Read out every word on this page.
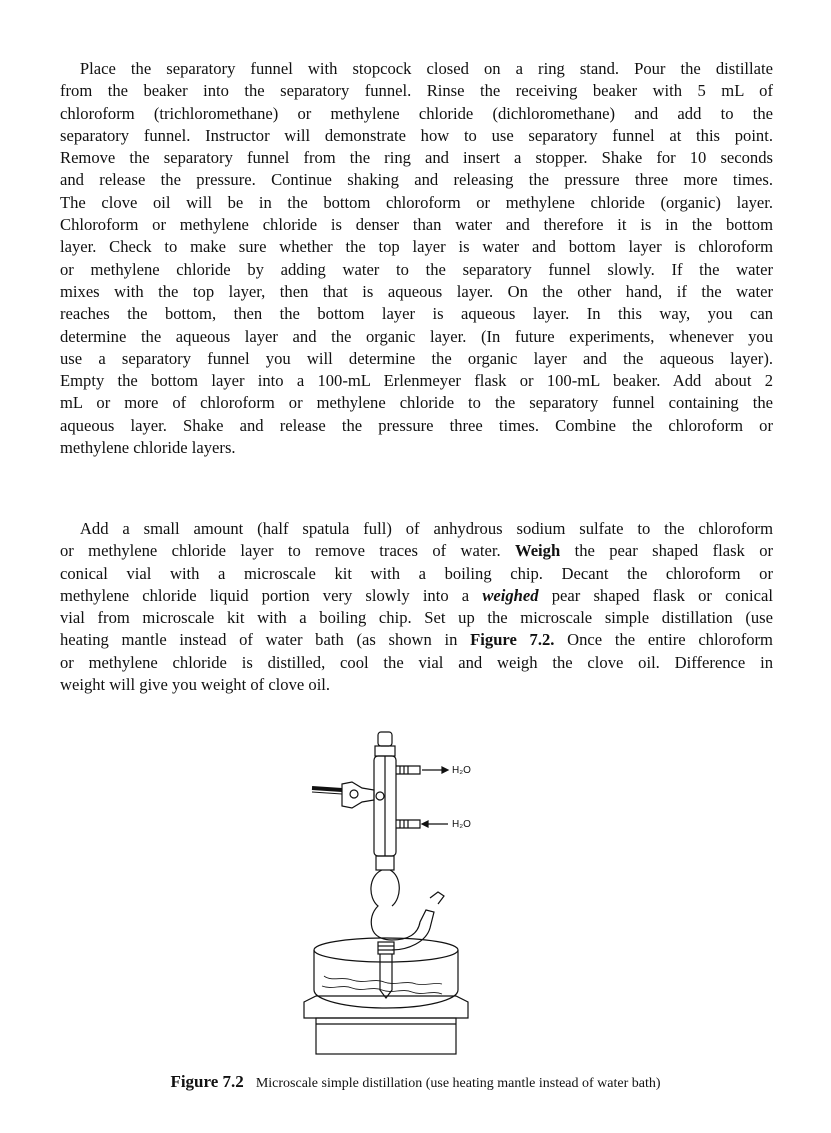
  Place the separatory funnel with stopcock closed on a ring stand. Pour the distillate
from the beaker into the separatory funnel. Rinse the receiving beaker with 5 mL of
chloroform (trichloromethane) or methylene chloride (dichloromethane) and add to the
separatory funnel. Instructor will demonstrate how to use separatory funnel at this point.
Remove the separatory funnel from the ring and insert a stopper. Shake for 10 seconds
and release the pressure. Continue shaking and releasing the pressure three more times.
The clove oil will be in the bottom chloroform or methylene chloride (organic) layer.
Chloroform or methylene chloride is denser than water and therefore it is in the bottom
layer. Check to make sure whether the top layer is water and bottom layer is chloroform
or methylene chloride by adding water to the separatory funnel slowly. If the water
mixes with the top layer, then that is aqueous layer. On the other hand, if the water
reaches the bottom, then the bottom layer is aqueous layer. In this way, you can
determine the aqueous layer and the organic layer. (In future experiments, whenever you
use a separatory funnel you will determine the organic layer and the aqueous layer).
Empty the bottom layer into a 100-mL Erlenmeyer flask or 100-mL beaker. Add about 2
mL or more of chloroform or methylene chloride to the separatory funnel containing the
aqueous layer. Shake and release the pressure three times. Combine the chloroform or
methylene chloride layers.

  Add a small amount (half spatula full) of anhydrous sodium sulfate to the chloroform
or methylene chloride layer to remove traces of water. Weigh the pear shaped flask or
conical vial with a microscale kit with a boiling chip. Decant the chloroform or
methylene chloride liquid portion very slowly into a weighed pear shaped flask or conical
vial from microscale kit with a boiling chip. Set up the microscale simple distillation (use
heating mantle instead of water bath (as shown in Figure 7.2. Once the entire chloroform
or methylene chloride is distilled, cool the vial and weigh the clove oil. Difference in
weight will give you weight of clove oil.

H₂O
H₂O
Figure 7.2 Microscale simple distillation (use heating mantle instead of water bath)
